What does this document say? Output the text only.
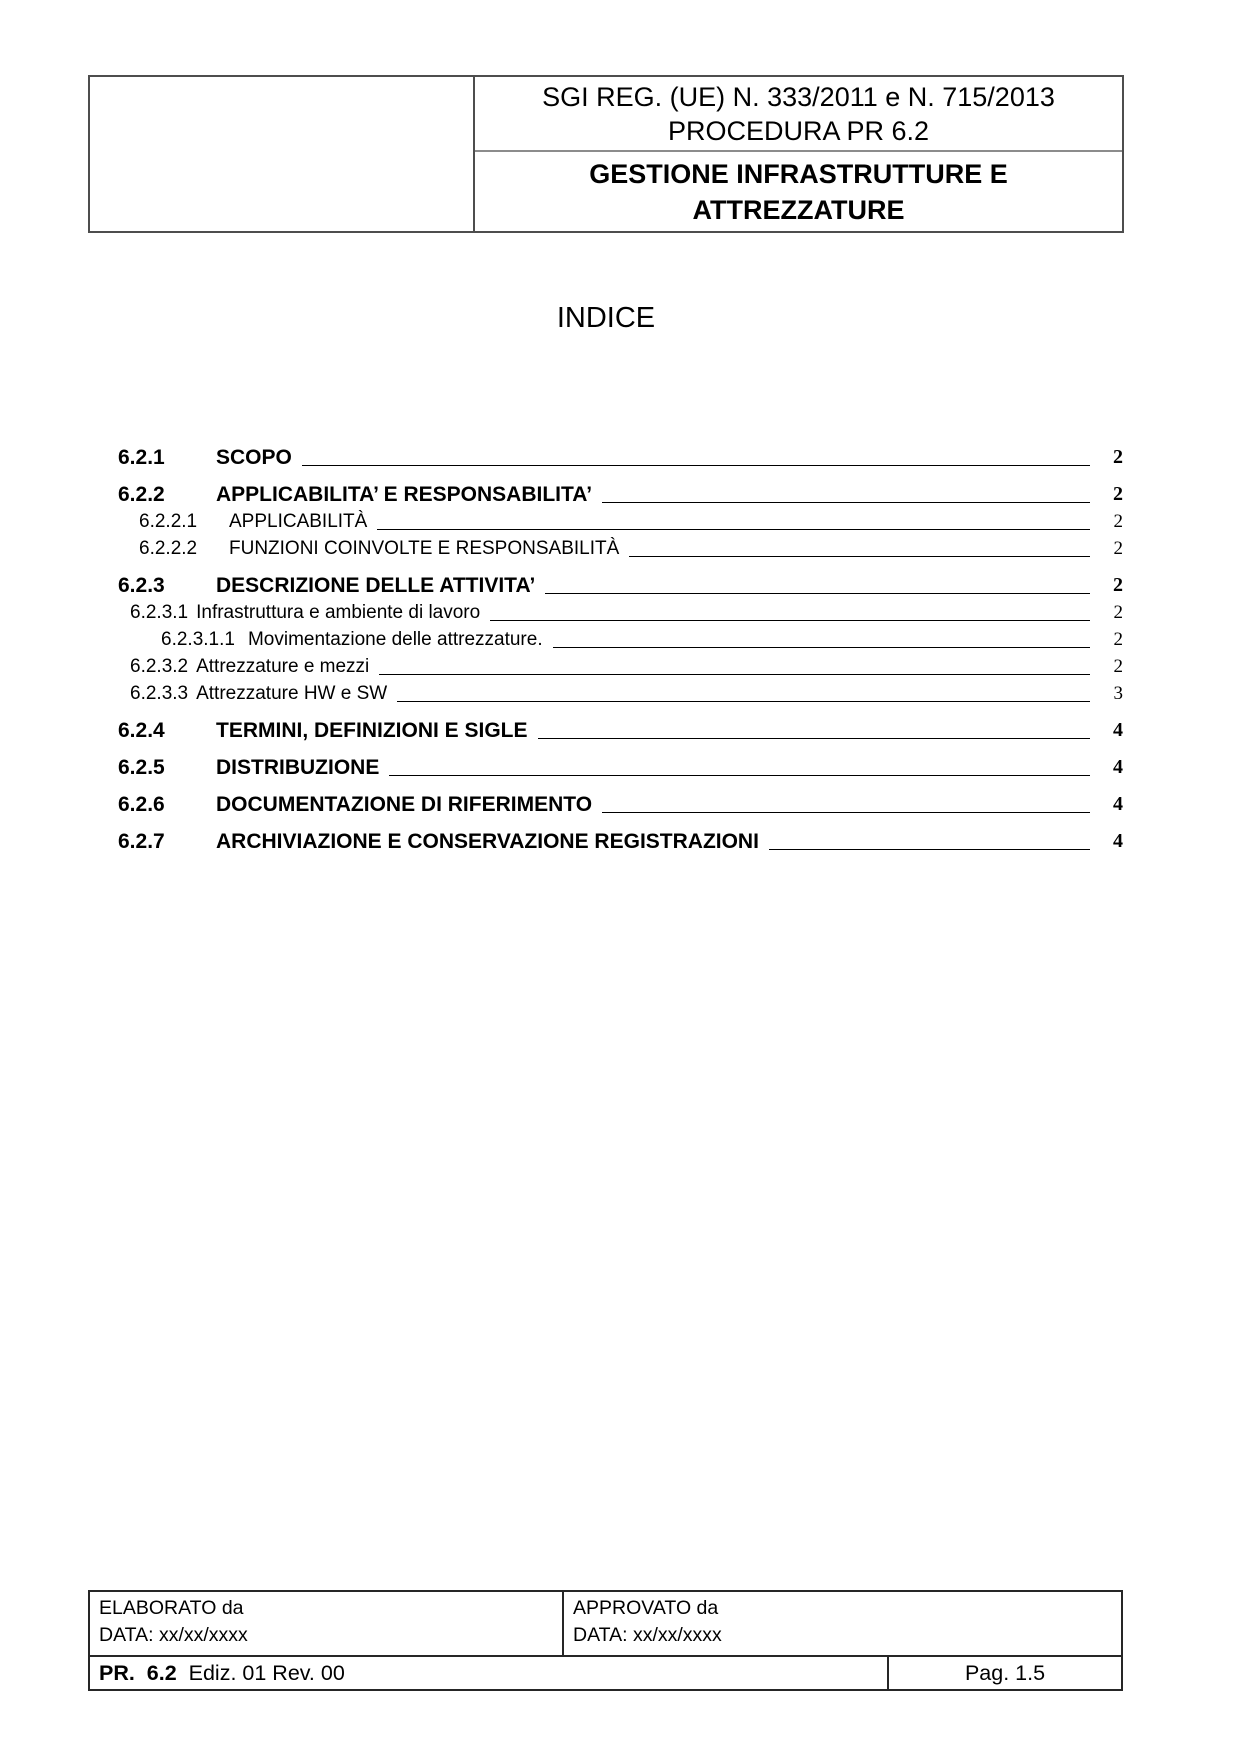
SGI REG. (UE) N. 333/2011 e N. 715/2013
PROCEDURA PR 6.2
GESTIONE INFRASTRUTTURE E ATTREZZATURE
INDICE
6.2.1	SCOPO	2
6.2.2	APPLICABILITA’ E RESPONSABILITA’	2
6.2.2.1	APPLICABILITÀ	2
6.2.2.2	FUNZIONI COINVOLTE E RESPONSABILITÀ	2
6.2.3	DESCRIZIONE DELLE ATTIVITA’	2
6.2.3.1 Infrastruttura e ambiente di lavoro	2
6.2.3.1.1 Movimentazione delle attrezzature.	2
6.2.3.2 Attrezzature e mezzi	2
6.2.3.3 Attrezzature HW e SW	3
6.2.4	TERMINI, DEFINIZIONI E SIGLE	4
6.2.5	DISTRIBUZIONE	4
6.2.6	DOCUMENTAZIONE DI RIFERIMENTO	4
6.2.7	ARCHIVIAZIONE E CONSERVAZIONE REGISTRAZIONI	4
ELABORATO da
DATA: xx/xx/xxxx
APPROVATO da
DATA: xx/xx/xxxx
PR.  6.2  Ediz. 01 Rev. 00	Pag. 1.5
